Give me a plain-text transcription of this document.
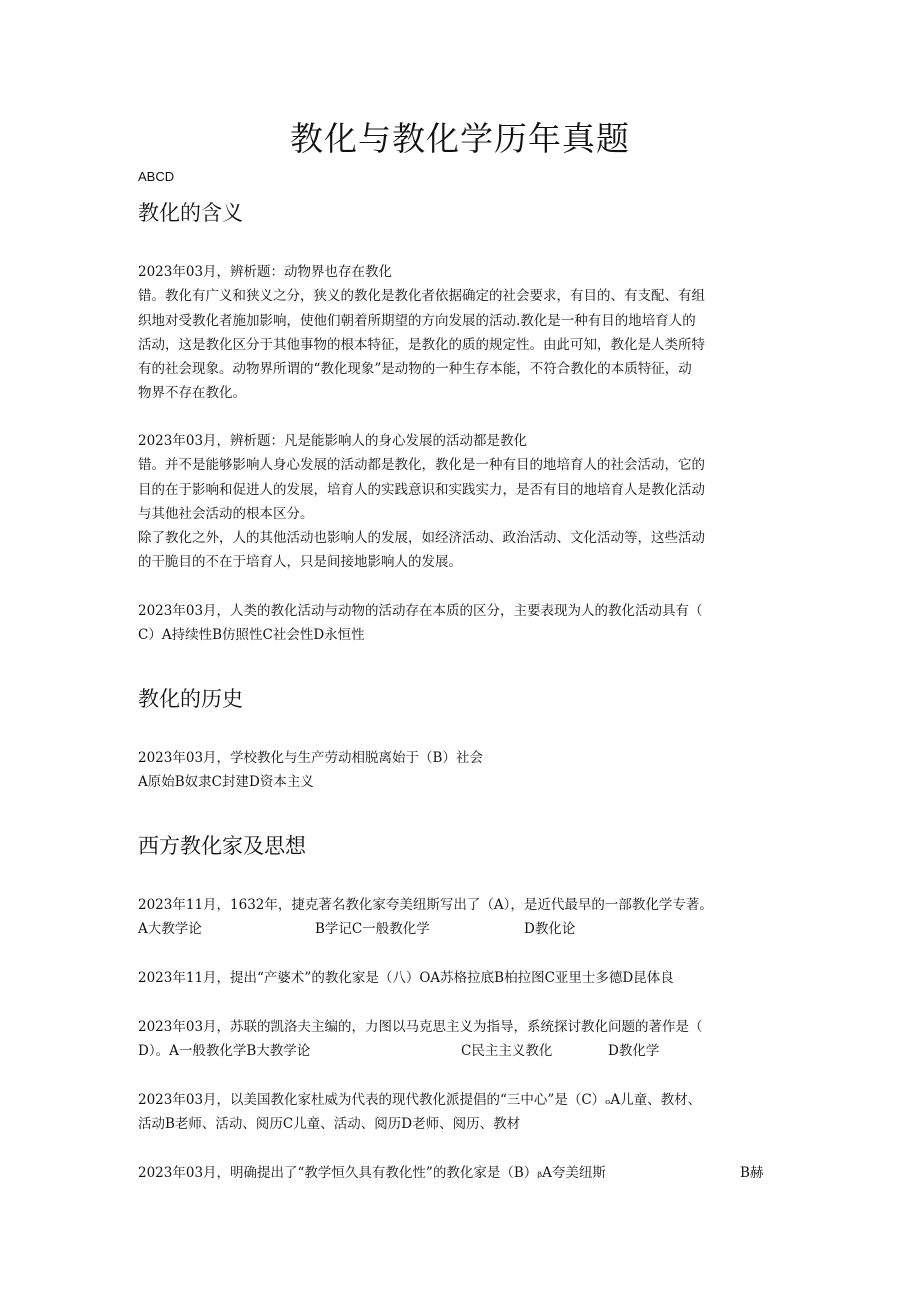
教化与教化学历年真题
ABCD
教化的含义
2023年03月，辨析题：动物界也存在教化
错。教化有广义和狭义之分，狭义的教化是教化者依据确定的社会要求，有目的、有支配、有组
织地对受教化者施加影响，使他们朝着所期望的方向发展的活动.教化是一种有目的地培育人的
活动，这是教化区分于其他事物的根本特征，是教化的质的规定性。由此可知，教化是人类所特
有的社会现象。动物界所谓的“教化现象”是动物的一种生存本能，不符合教化的本质特征，动
物界不存在教化。
2023年03月，辨析题：凡是能影响人的身心发展的活动都是教化
错。并不是能够影响人身心发展的活动都是教化，教化是一种有目的地培育人的社会活动，它的
目的在于影响和促进人的发展，培育人的实践意识和实践实力，是否有目的地培育人是教化活动
与其他社会活动的根本区分。
除了教化之外，人的其他活动也影响人的发展，如经济活动、政治活动、文化活动等，这些活动
的干脆目的不在于培育人，只是间接地影响人的发展。
2023年03月，人类的教化活动与动物的活动存在本质的区分，主要表现为人的教化活动具有（
C）A持续性B仿照性C社会性D永恒性
教化的历史
2023年03月，学校教化与生产劳动相脱离始于（B）社会
A原始B奴隶C封建D资本主义
西方教化家及思想
2023年11月，1632年，捷克著名教化家夸美纽斯写出了（A），是近代最早的一部教化学专著。
A大教学论	B学记C一般教化学	D教化论
2023年11月，提出“产婆术”的教化家是（八）OA苏格拉底B柏拉图C亚里士多德D昆体良
2023年03月，苏联的凯洛夫主编的，力图以马克思主义为指导，系统探讨教化问题的著作是（
D）。A一般教化学B大教学论	C民主主义教化	D教化学
2023年03月，以美国教化家杜威为代表的现代教化派提倡的“三中心”是（C）ₒA儿童、教材、
活动B老师、活动、阅历C儿童、活动、阅历D老师、阅历、教材
2023年03月，明确提出了“教学恒久具有教化性”的教化家是（B）ᵦA夸美纽斯	B赫
